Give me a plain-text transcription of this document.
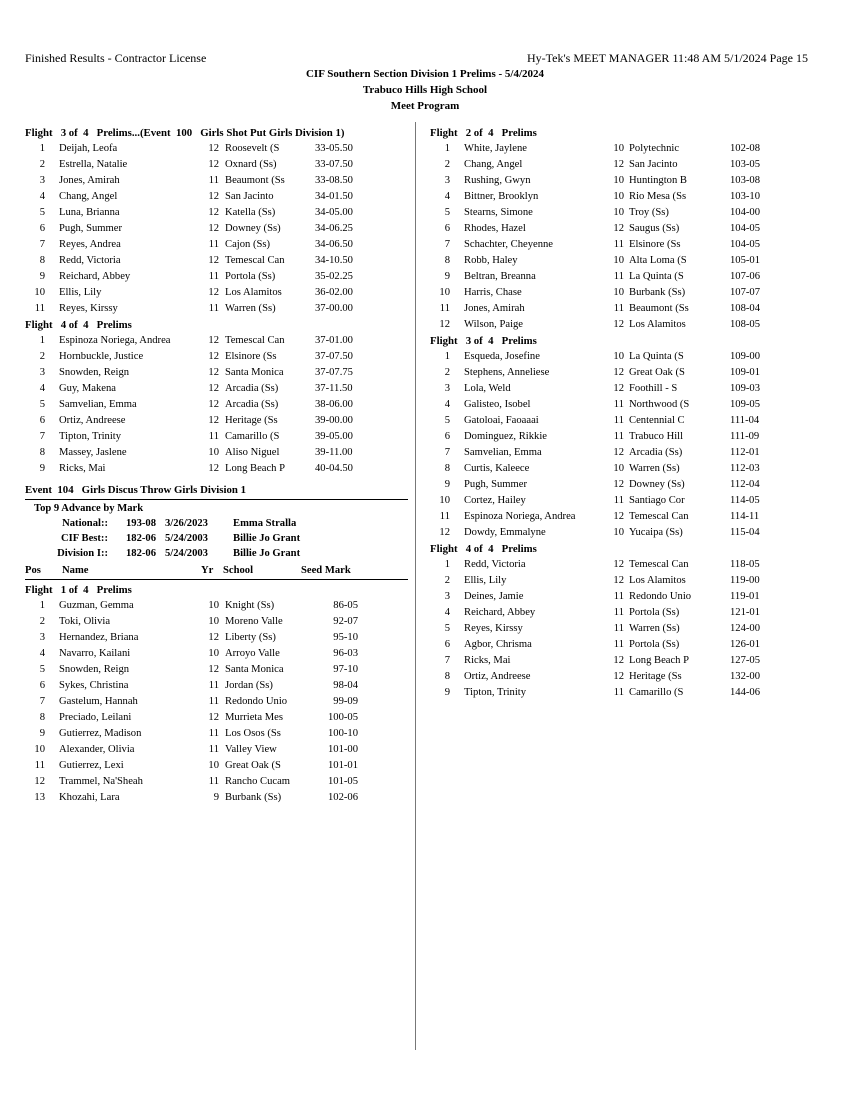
Finished Results - Contractor License	Hy-Tek's MEET MANAGER 11:48 AM 5/1/2024 Page 15
CIF Southern Section Division 1 Prelims - 5/4/2024
Trabuco Hills High School
Meet Program
Flight   3 of  4   Prelims...(Event  100   Girls Shot Put Girls Division 1)
1 Deijah, Leofa	12 Roosevelt (S	33-05.50
2 Estrella, Natalie	12 Oxnard (Ss)	33-07.50
3 Jones, Amirah	11 Beaumont (Ss	33-08.50
4 Chang, Angel	12 San Jacinto	34-01.50
5 Luna, Brianna	12 Katella (Ss)	34-05.00
6 Pugh, Summer	12 Downey (Ss)	34-06.25
7 Reyes, Andrea	11 Cajon (Ss)	34-06.50
8 Redd, Victoria	12 Temescal Can	34-10.50
9 Reichard, Abbey	11 Portola (Ss)	35-02.25
10 Ellis, Lily	12 Los Alamitos	36-02.00
11 Reyes, Kirssy	11 Warren (Ss)	37-00.00
Flight   4 of  4   Prelims
1 Espinoza Noriega, Andrea	12 Temescal Can	37-01.00
2 Hornbuckle, Justice	12 Elsinore (Ss	37-07.50
3 Snowden, Reign	12 Santa Monica	37-07.75
4 Guy, Makena	12 Arcadia (Ss)	37-11.50
5 Samvelian, Emma	12 Arcadia (Ss)	38-06.00
6 Ortiz, Andreese	12 Heritage (Ss	39-00.00
7 Tipton, Trinity	11 Camarillo (S	39-05.00
8 Massey, Jaslene	10 Aliso Niguel	39-11.00
9 Ricks, Mai	12 Long Beach P	40-04.50
Event  104   Girls Discus Throw Girls Division 1
Top 9 Advance by Mark
National:: 193-08 3/26/2023 Emma Stralla
CIF Best:: 182-06 5/24/2003 Billie Jo Grant
Division I:: 182-06 5/24/2003 Billie Jo Grant
Pos Name	Yr School	Seed Mark
Flight   1 of  4   Prelims
1 Guzman, Gemma	10 Knight (Ss)	86-05
2 Toki, Olivia	10 Moreno Valle	92-07
3 Hernandez, Briana	12 Liberty (Ss)	95-10
4 Navarro, Kailani	10 Arroyo Valle	96-03
5 Snowden, Reign	12 Santa Monica	97-10
6 Sykes, Christina	11 Jordan (Ss)	98-04
7 Gastelum, Hannah	11 Redondo Unio	99-09
8 Preciado, Leilani	12 Murrieta Mes	100-05
9 Gutierrez, Madison	11 Los Osos (Ss	100-10
10 Alexander, Olivia	11 Valley View	101-00
11 Gutierrez, Lexi	10 Great Oak (S	101-01
12 Trammel, Na'Sheah	11 Rancho Cucam	101-05
13 Khozahi, Lara	9 Burbank (Ss)	102-06
Flight   2 of  4   Prelims
1 White, Jaylene	10 Polytechnic	102-08
2 Chang, Angel	12 San Jacinto	103-05
3 Rushing, Gwyn	10 Huntington B	103-08
4 Bittner, Brooklyn	10 Rio Mesa (Ss	103-10
5 Stearns, Simone	10 Troy (Ss)	104-00
6 Rhodes, Hazel	12 Saugus (Ss)	104-05
7 Schachter, Cheyenne	11 Elsinore (Ss	104-05
8 Robb, Haley	10 Alta Loma (S	105-01
9 Beltran, Breanna	11 La Quinta (S	107-06
10 Harris, Chase	10 Burbank (Ss)	107-07
11 Jones, Amirah	11 Beaumont (Ss	108-04
12 Wilson, Paige	12 Los Alamitos	108-05
Flight   3 of  4   Prelims
1 Esqueda, Josefine	10 La Quinta (S	109-00
2 Stephens, Anneliese	12 Great Oak (S	109-01
3 Lola, Weld	12 Foothill - S	109-03
4 Galisteo, Isobel	11 Northwood (S	109-05
5 Gatoloai, Faoaaai	11 Centennial C	111-04
6 Dominguez, Rikkie	11 Trabuco Hill	111-09
7 Samvelian, Emma	12 Arcadia (Ss)	112-01
8 Curtis, Kaleece	10 Warren (Ss)	112-03
9 Pugh, Summer	12 Downey (Ss)	112-04
10 Cortez, Hailey	11 Santiago Cor	114-05
11 Espinoza Noriega, Andrea	12 Temescal Can	114-11
12 Dowdy, Emmalyne	10 Yucaipa (Ss)	115-04
Flight   4 of  4   Prelims
1 Redd, Victoria	12 Temescal Can	118-05
2 Ellis, Lily	12 Los Alamitos	119-00
3 Deines, Jamie	11 Redondo Unio	119-01
4 Reichard, Abbey	11 Portola (Ss)	121-01
5 Reyes, Kirssy	11 Warren (Ss)	124-00
6 Agbor, Chrisma	11 Portola (Ss)	126-01
7 Ricks, Mai	12 Long Beach P	127-05
8 Ortiz, Andreese	12 Heritage (Ss	132-00
9 Tipton, Trinity	11 Camarillo (S	144-06
